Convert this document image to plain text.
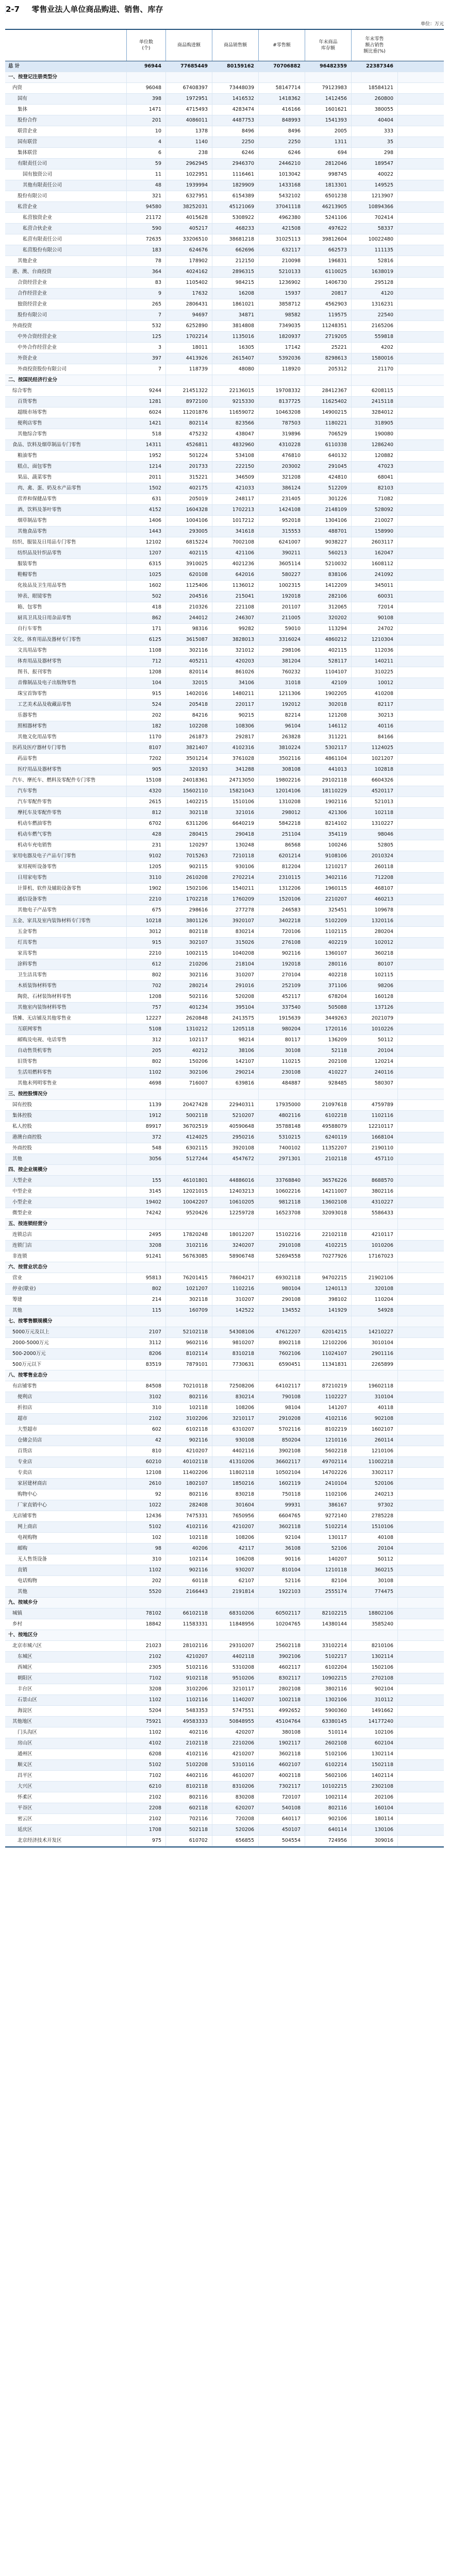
2-7 零售业法人单位商品购进、销售、库存
单位：万元
单位数
(个)
商品购进额	商品销售额	#零售额
年末商品
库存额
年末零售
额占销售
额比重(%)
总 计	96944	77685449	80159162	70706882	96482359	22387346
一、按登记注册类型分
内资	96048	67408397	73448039	58147714	79123983	18584121
国有	398	1972951	1416532	1418362	1412456	260800
集体	1471	4715493	4283474	416166	1601621	380055
股份合作	201	4086011	4487753	848993	1541393	40404
联营企业	10	1378	8496	8496	2005	333
国有联营	4	1140	2250	2250	1311	35
集体联营	6	238	6246	6246	694	298
有限责任公司	59	2962945	2946370	2446210	2812046	189547
国有独资公司	11	1022951	1116461	1013042	998745	40022
其他有限责任公司	48	1939994	1829909	1433168	1813301	149525
股份有限公司	321	6327951	6154389	5432102	6501238	1213907
私营企业	94580	38252031	45121069	37041118	46213905	10894366
私营独资企业	21172	4015628	5308922	4962380	5241106	702414
私营合伙企业	590	405217	468233	421508	497622	58337
私营有限责任公司	72635	33206510	38681218	31025113	39812604	10022480
私营股份有限公司	183	624676	662696	632117	662573	111135
其他企业	78	178902	212150	210098	196831	52816
港、澳、台商投资	364	4024162	2896315	5210133	6110025	1638019
合资经营企业	83	1105402	984215	1236902	1406730	295128
合作经营企业	9	17632	16208	15937	20817	4120
独资经营企业	265	2806431	1861021	3858712	4562903	1316231
股份有限公司	7	94697	34871	98582	119575	22540
外商投资	532	6252890	3814808	7349035	11248351	2165206
中外合资经营企业	125	1702214	1135016	1820937	2719205	559818
中外合作经营企业	3	18011	16305	17142	25221	4202
外资企业	397	4413926	2615407	5392036	8298613	1580016
外商投资股份有限公司	7	118739	48080	118920	205312	21170
二、按国民经济行业分
综合零售	9244	21451322	22136015	19708332	28412367	6208115
百货零售	1281	8972100	9215330	8137725	11625402	2415118
超级市场零售	6024	11201876	11659072	10463208	14900215	3284012
便利店零售	1421	802114	823566	787503	1180221	318905
其他综合零售	518	475232	438047	319896	706529	190080
食品、饮料及烟草制品专门零售	14311	4526811	4832960	4310228	6110338	1286240
粮油零售	1952	501224	534108	476810	640132	120882
糕点、面包零售	1214	201733	222150	203002	291045	47023
果品、蔬菜零售	2011	315221	346509	321208	424810	68041
肉、禽、蛋、奶及水产品零售	1502	402175	421033	386124	512209	82103
营养和保健品零售	631	205019	248117	231405	301226	71082
酒、饮料及茶叶零售	4152	1604328	1702213	1424108	2148109	528092
烟草制品零售	1406	1004106	1017212	952018	1304106	210027
其他食品零售	1443	293005	341618	315553	488701	158990
纺织、服装及日用品专门零售	12102	6815224	7002108	6241007	9038227	2603117
纺织品及针织品零售	1207	402115	421106	390211	560213	162047
服装零售	6315	3910025	4021236	3605114	5210032	1608112
鞋帽零售	1025	620108	642016	580227	838106	241092
化妆品及卫生用品零售	1602	1125406	1136012	1002315	1412209	345011
钟表、眼镜零售	502	204516	215041	192018	282106	60031
箱、包零售	418	210326	221108	201107	312065	72014
厨具卫具及日用杂品零售	862	244012	246307	211005	320202	90108
自行车零售	171	98316	99282	59010	113294	24702
文化、体育用品及器材专门零售	6125	3615087	3828013	3316024	4860212	1210304
文具用品零售	1108	302116	321012	298106	402115	112036
体育用品及器材零售	712	405211	420203	381204	528117	140211
图书、报刊零售	1208	820114	861026	760232	1104107	310225
音像制品及电子出版物零售	104	32015	34106	31018	42109	10012
珠宝首饰零售	915	1402016	1480211	1211306	1902205	410208
工艺美术品及收藏品零售	524	205418	220117	192012	302018	82117
乐器零售	202	84216	90215	82214	121208	30213
照相器材零售	182	102208	108306	96104	146112	40116
其他文化用品零售	1170	261873	292817	263828	311221	84166
医药及医疗器材专门零售	8107	3821407	4102316	3810224	5302117	1124025
药品零售	7202	3501214	3761028	3502116	4861104	1021207
医疗用品及器材零售	905	320193	341288	308108	441013	102818
汽车、摩托车、燃料及零配件专门零售	15108	24018361	24713050	19802216	29102118	6604326
汽车零售	4320	15602110	15821043	12014106	18110229	4520117
汽车零配件零售	2615	1402215	1510106	1310208	1902116	521013
摩托车及零配件零售	812	302118	321016	298012	421306	102118
机动车燃油零售	6702	6311206	6640219	5842218	8214102	1310227
机动车燃气零售	428	280415	290418	251104	354119	98046
机动车充电销售	231	120297	130248	86568	100246	52805
家用电器及电子产品专门零售	9102	7015263	7210118	6201214	9108106	2010324
家用视听设备零售	1205	902115	930106	812204	1210217	260118
日用家电零售	3110	2610208	2702214	2310115	3402116	712208
计算机、软件及辅助设备零售	1902	1502106	1540211	1312206	1960115	468107
通信设备零售	2210	1702218	1760209	1520106	2210207	460213
其他电子产品零售	675	298616	277278	246583	325451	109678
五金、家具及室内装饰材料专门零售	10218	3801126	3920107	3402218	5102209	1320116
五金零售	3012	802118	830214	720106	1102115	280204
灯具零售	915	302107	315026	276108	402219	102012
家具零售	2210	1002115	1040208	902116	1360107	360218
涂料零售	612	210206	218104	192018	280116	80107
卫生洁具零售	802	302116	310207	270104	402218	102115
木质装饰材料零售	702	280214	291016	252109	371106	98206
陶瓷、石材装饰材料零售	1208	502116	520208	452117	678204	160128
其他室内装饰材料零售	757	401234	395104	337540	505088	137126
货摊、无店铺及其他零售业	12227	2620848	2413575	1915639	3449263	2021079
互联网零售	5108	1310212	1205118	980204	1720116	1010226
邮购及电视、电话零售	312	102117	98214	80117	136209	50112
自动售货机零售	205	40212	38106	30108	52118	20104
旧货零售	802	150206	142107	110215	202108	120214
生活用燃料零售	1102	302106	290214	230108	410227	240116
其他未列明零售业	4698	716007	639816	484887	928485	580307
三、按控股情况分
国有控股	1139	20427428	22940311	17935000	21097618	4759789
集体控股	1912	5002118	5210207	4802116	6102218	1102116
私人控股	89917	36702519	40590648	35788148	49588079	12210117
港澳台商控股	372	4124025	2950216	5310215	6240119	1668104
外商控股	548	6302115	3920108	7400102	11352207	2190110
其他	3056	5127244	4547672	2971301	2102118	457110
四、按企业规模分
大型企业	155	46101801	44886016	33768840	36576226	8688570
中型企业	3145	12021015	12403213	10602216	14211007	3802116
小型企业	19402	10042207	10610205	9812118	13602108	4310227
微型企业	74242	9520426	12259728	16523708	32093018	5586433
五、按连锁经营分
连锁总店	2495	17820248	18012207	15102216	22102118	4210117
连锁门店	3208	3102116	3240207	2910108	4102215	1010206
非连锁	91241	56763085	58906748	52694558	70277926	17167023
六、按营业状态分
营业	95813	76201415	78604217	69302118	94702215	21902106
停业(歇业)	802	1021207	1102216	980104	1240113	320108
筹建	214	302118	310207	290108	398102	110204
其他	115	160709	142522	134552	141929	54928
七、按零售额规模分
5000万元及以上	2107	52102118	54308106	47612207	62014215	14210227
2000-5000万元	3112	9602116	9810207	8902118	12102206	3010104
500-2000万元	8206	8102114	8310218	7602106	11024107	2901116
500万元以下	83519	7879101	7730631	6590451	11341831	2265899
八、按零售业态分
有店铺零售	84508	70210118	72508206	64102117	87210219	19602118
便利店	3102	802116	830214	790108	1102227	310104
折扣店	310	102118	108206	98104	141207	40118
超市	2102	3102206	3210117	2910208	4102116	902108
大型超市	602	6102118	6310207	5702116	8102219	1602107
仓储会员店	42	902116	930108	850204	1210116	260114
百货店	810	4210207	4402116	3902108	5602218	1210106
专业店	60210	40102118	41310206	36602117	49702114	11002218
专卖店	12108	11402206	11802118	10502104	14702226	3302117
家居建材商店	2610	1802107	1850216	1602119	2410104	520106
购物中心	92	802116	830218	750118	1102106	240213
厂家直销中心	1022	282408	301604	99931	386167	97302
无店铺零售	12436	7475331	7650956	6604765	9272140	2785228
网上商店	5102	4102116	4210207	3602118	5102214	1510106
电视购物	102	102118	108206	92104	130117	40108
邮购	98	40206	42117	36108	52106	20104
无人售货设备	310	102114	106208	90116	140207	50112
直销	1102	902116	930207	810104	1210118	360215
电话购物	202	60118	62107	52116	82104	30108
其他	5520	2166443	2191814	1922103	2555174	774475
九、按城乡分
城镇	78102	66102118	68310206	60502117	82102215	18802106
乡村	18842	11583331	11848956	10204765	14380144	3585240
十、按地区分
北京市城六区	21023	28102116	29310207	25602118	33102214	8210106
东城区	2102	4210207	4402118	3902106	5102217	1302114
西城区	2305	5102116	5310208	4602117	6102204	1502106
朝阳区	7102	9102118	9510206	8302117	10902215	2702108
丰台区	3208	3102206	3210117	2802108	3802116	902104
石景山区	1102	1102116	1140207	1002118	1302106	310112
海淀区	5204	5483353	5747551	4992652	5900360	1491662
其他地区	75921	49583333	50848955	45104764	63380145	14177240
门头沟区	1102	402116	420207	380108	510114	102106
房山区	4102	2102118	2210206	1902117	2602108	602104
通州区	6208	4102116	4210207	3602118	5102106	1302114
顺义区	5102	5102208	5310116	4602107	6102214	1502118
昌平区	7102	4402116	4610207	4002118	5602106	1402114
大兴区	6210	8102118	8310206	7302117	10102215	2302108
怀柔区	2102	802116	830208	720107	1002114	202106
平谷区	2208	602118	620207	540108	802116	160104
密云区	2102	702116	720208	640117	902106	180114
延庆区	1708	502118	520206	450107	640114	130106
北京经济技术开发区	975	610702	656855	504554	724956	309016
